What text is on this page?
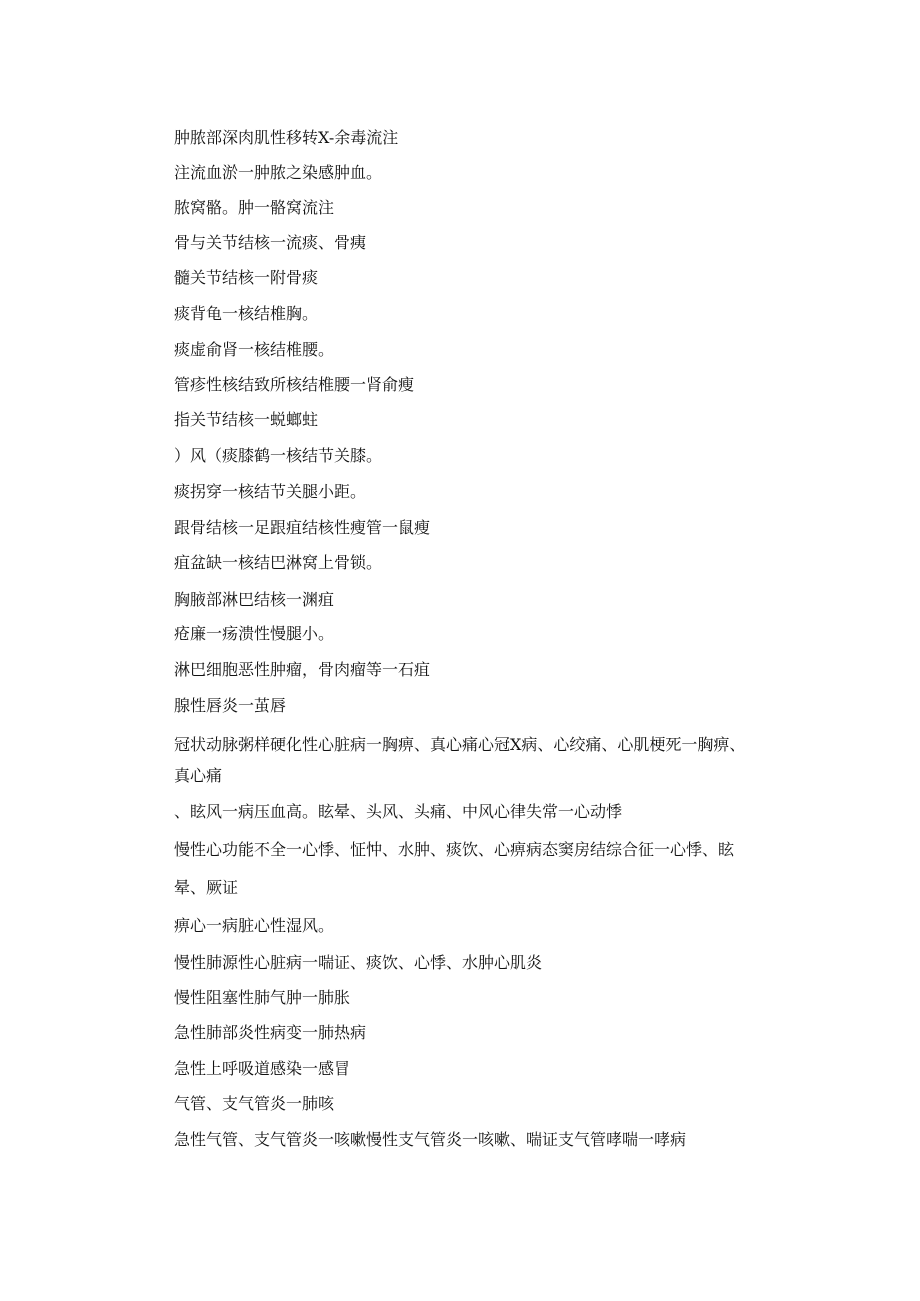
肿脓部深肉肌性移转X-余毒流注
注流血淤一肿脓之染感肿血。
脓窝骼。肿一骼窝流注
骨与关节结核一流痰、骨痍
髓关节结核一附骨痰
痰背龟一核结椎胸。
痰虚俞肾一核结椎腰。
管疹性核结致所核结椎腰一肾俞瘦
指关节结核一蜕螂蛀
）风（痰膝鹤一核结节关膝。
痰拐穿一核结节关腿小距。
跟骨结核一足跟疽结核性瘦管一鼠瘦
疽盆缺一核结巴淋窝上骨锁。
胸腋部淋巴结核一渊疽
疮廉一疡溃性慢腿小。
淋巴细胞恶性肿瘤，骨肉瘤等一石疽
腺性唇炎一茧唇
冠状动脉粥样硬化性心脏病一胸痹、真心痛心冠X病、心绞痛、心肌梗死一胸痹、
真心痛
、眩风一病压血高。眩晕、头风、头痛、中风心律失常一心动悸
慢性心功能不全一心悸、怔忡、水肿、痰饮、心痹病态窦房结综合征一心悸、眩
晕、厥证
痹心一病脏心性湿风。
慢性肺源性心脏病一喘证、痰饮、心悸、水肿心肌炎
慢性阻塞性肺气肿一肺胀
急性肺部炎性病变一肺热病
急性上呼吸道感染一感冒
气管、支气管炎一肺咳
急性气管、支气管炎一咳嗽慢性支气管炎一咳嗽、喘证支气管哮喘一哮病
